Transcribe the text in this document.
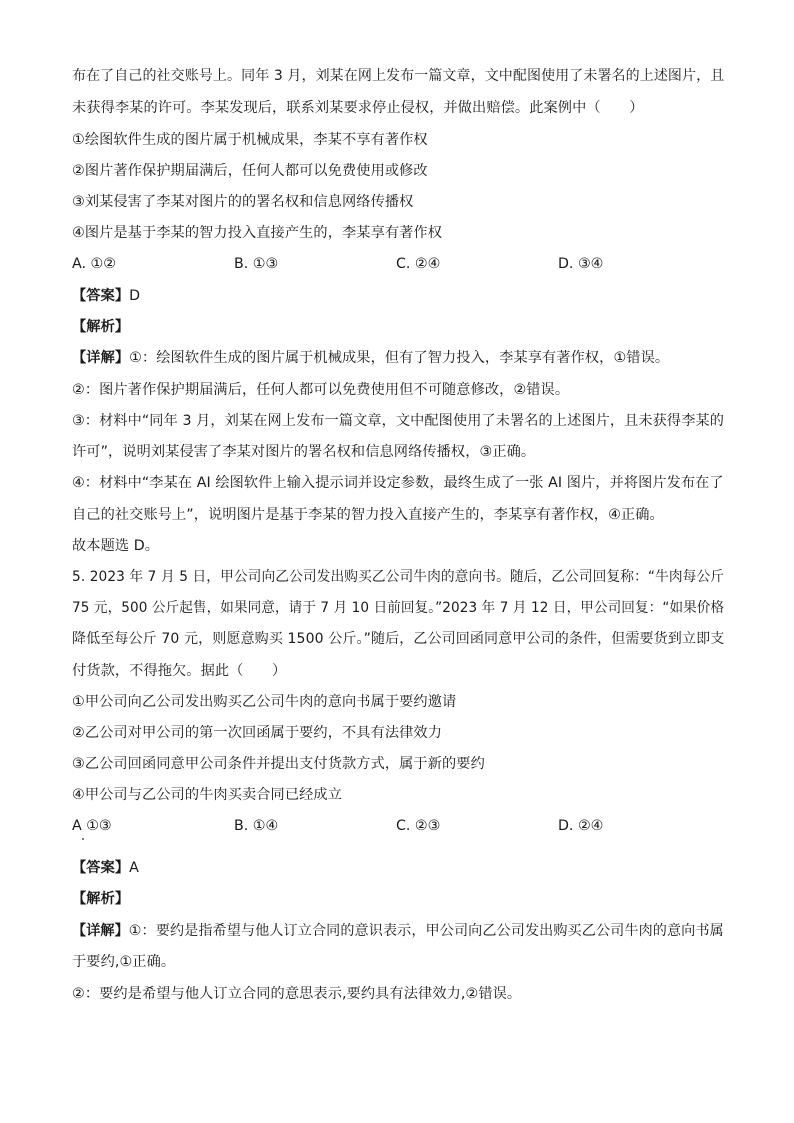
布在了自己的社交账号上。同年 3 月，刘某在网上发布一篇文章，文中配图使用了未署名的上述图片，且
未获得李某的许可。李某发现后，联系刘某要求停止侵权，并做出赔偿。此案例中（　　）
①绘图软件生成的图片属于机械成果，李某不享有著作权
②图片著作保护期届满后，任何人都可以免费使用或修改
③刘某侵害了李某对图片的的署名权和信息网络传播权
④图片是基于李某的智力投入直接产生的，李某享有著作权
A. ①②	B. ①③	C. ②④	D. ③④
【答案】D
【解析】
【详解】①：绘图软件生成的图片属于机械成果，但有了智力投入，李某享有著作权，①错误。
②：图片著作保护期届满后，任何人都可以免费使用但不可随意修改，②错误。
③：材料中“同年 3 月，刘某在网上发布一篇文章，文中配图使用了未署名的上述图片，且未获得李某的
许可”，说明刘某侵害了李某对图片的署名权和信息网络传播权，③正确。
④：材料中“李某在 AI 绘图软件上输入提示词并设定参数，最终生成了一张 AI 图片，并将图片发布在了
自己的社交账号上”，说明图片是基于李某的智力投入直接产生的，李某享有著作权，④正确。
故本题选 D。
5. 2023 年 7 月 5 日，甲公司向乙公司发出购买乙公司牛肉的意向书。随后，乙公司回复称：“牛肉每公斤
75 元，500 公斤起售，如果同意，请于 7 月 10 日前回复。”2023 年 7 月 12 日，甲公司回复：“如果价格
降低至每公斤 70 元，则愿意购买 1500 公斤。”随后，乙公司回函同意甲公司的条件，但需要货到立即支
付货款，不得拖欠。据此（　　）
①甲公司向乙公司发出购买乙公司牛肉的意向书属于要约邀请
②乙公司对甲公司的第一次回函属于要约，不具有法律效力
③乙公司回函同意甲公司条件并提出支付货款方式，属于新的要约
④甲公司与乙公司的牛肉买卖合同已经成立
A ①③	B. ①④	C. ②③	D. ②④
【答案】A
【解析】
【详解】①：要约是指希望与他人订立合同的意识表示，甲公司向乙公司发出购买乙公司牛肉的意向书属
于要约,①正确。
②：要约是希望与他人订立合同的意思表示,要约具有法律效力,②错误。
